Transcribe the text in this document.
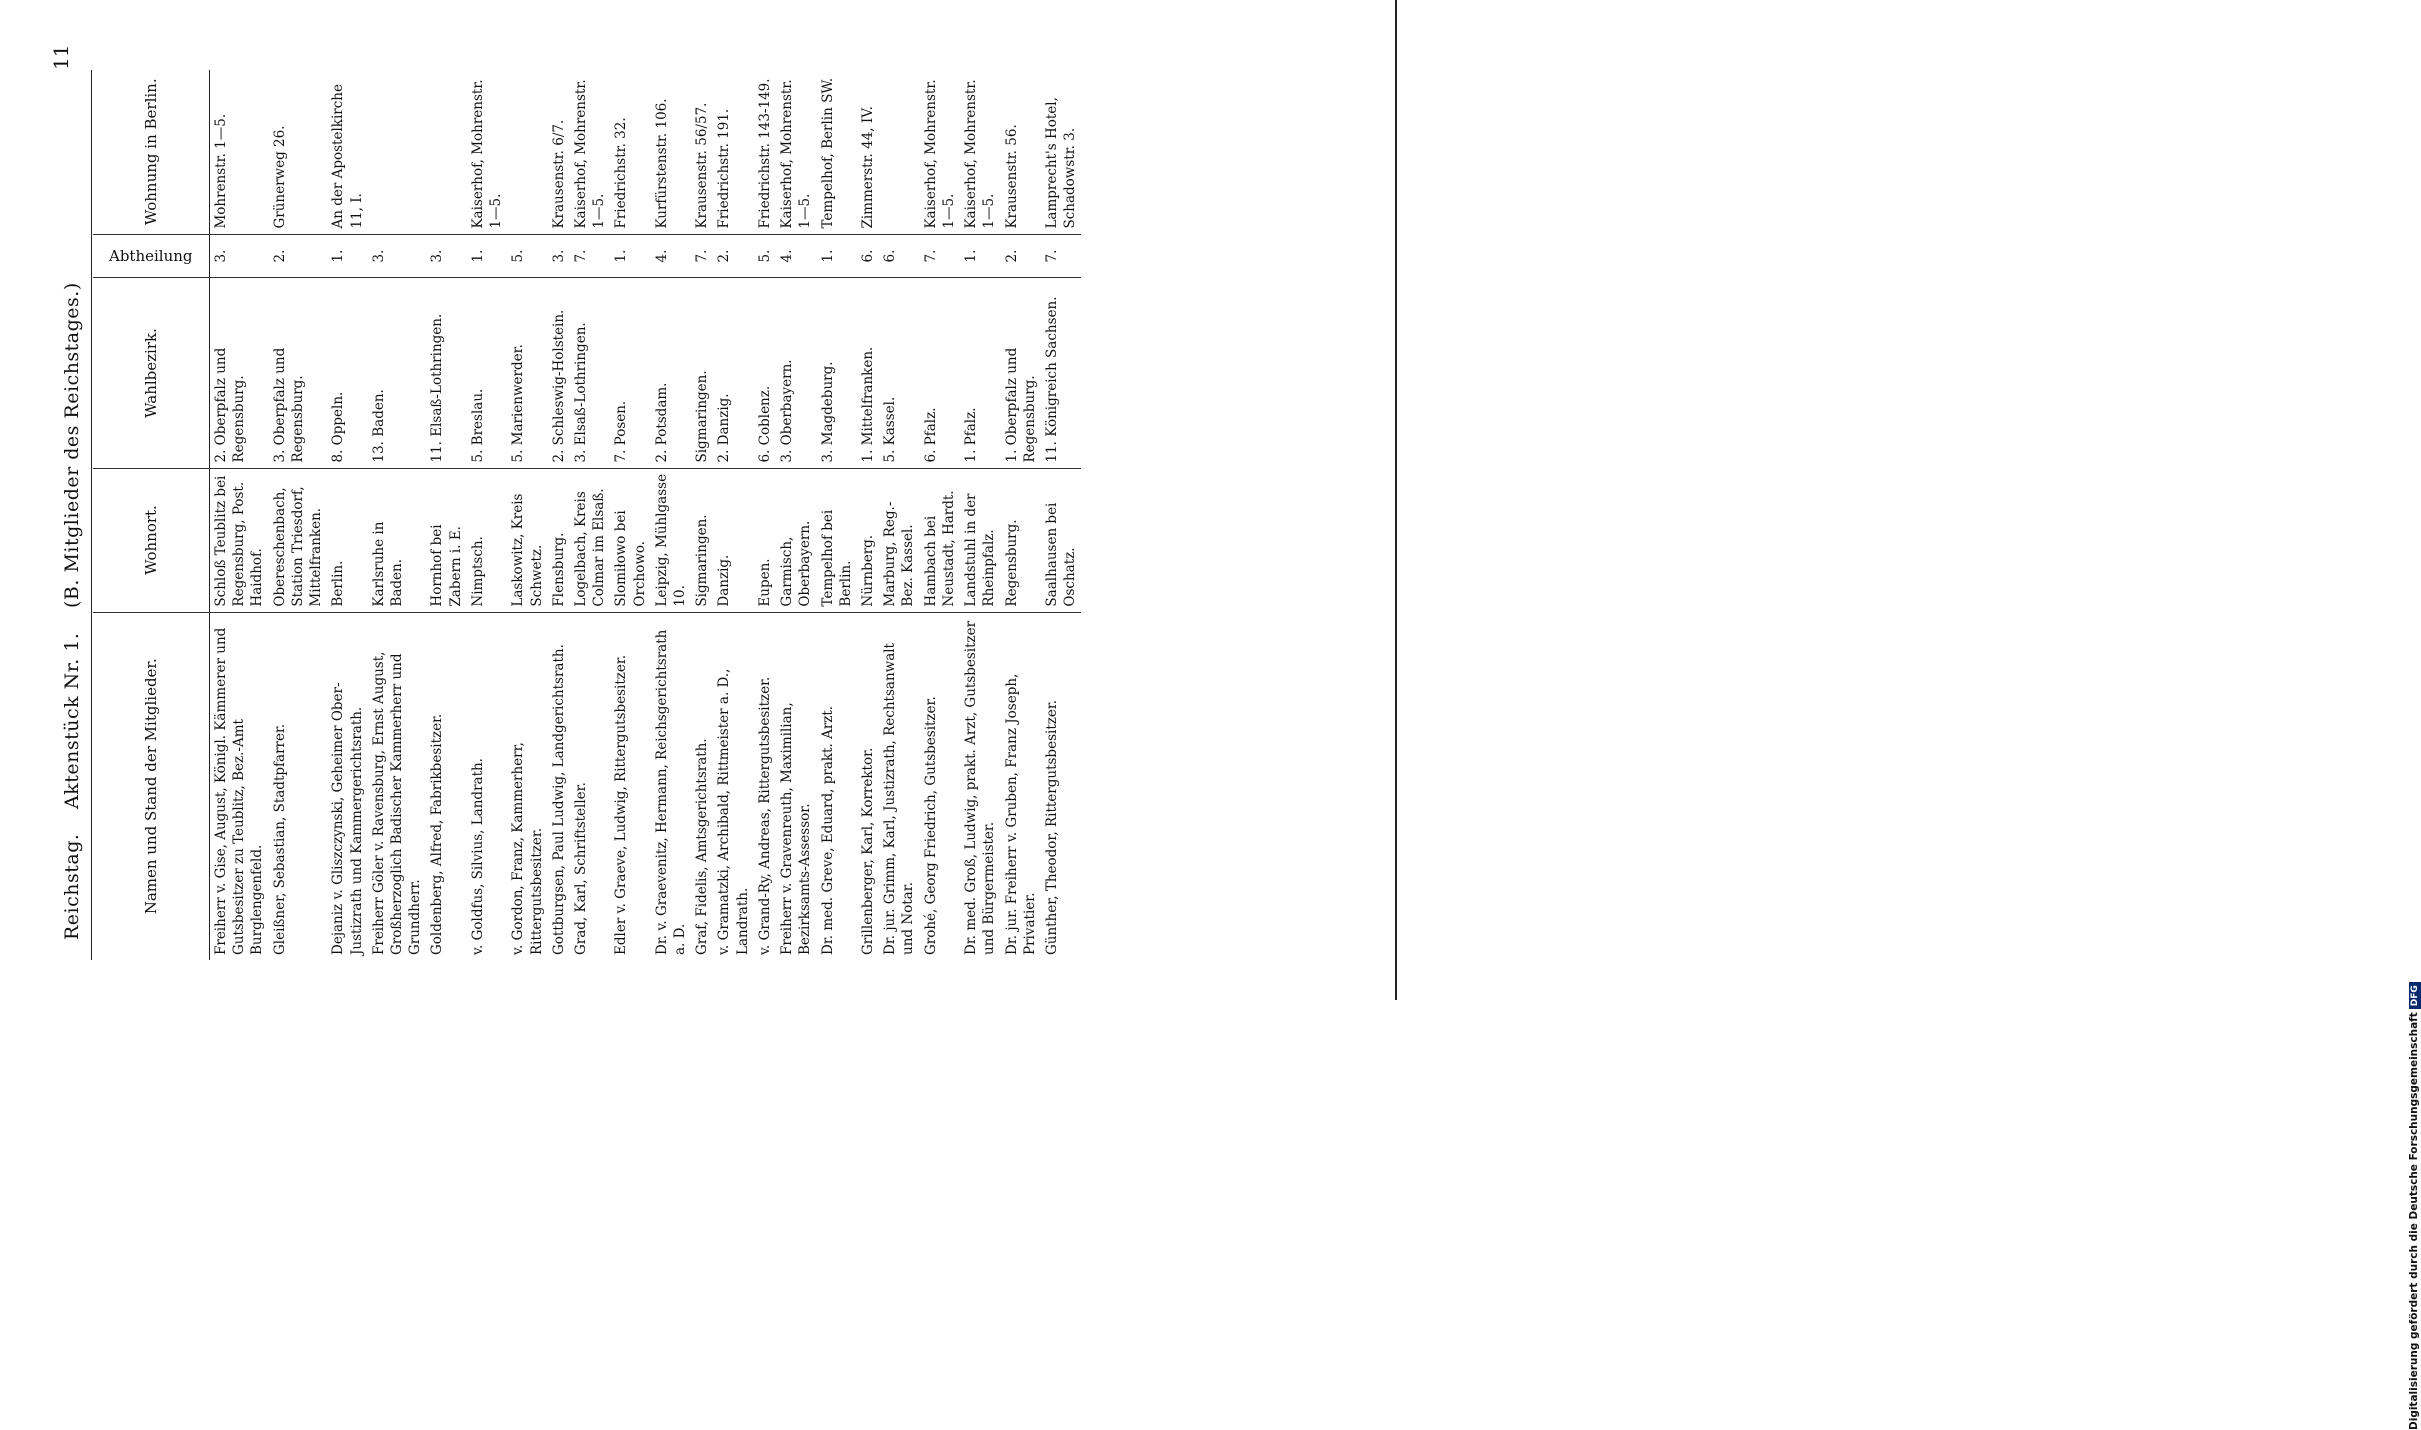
11
Reichstag. Aktenstück Nr. 1. (B. Mitglieder des Reichstages.)
Namen und Stand der Mitglieder.	Wohnort.	Wahlbezirk.	Abtheilung	Wohnung in Berlin.
Freiherr v. Gise, August, Königl. Kämmerer und Gutsbesitzer zu Teublitz, Bez.-Amt Burglengenfeld.	Schloß Teublitz bei Regensburg, Post. Haidhof.	2. Oberpfalz und Regensburg.	3.	Mohrenstr. 1—5.
Gleißner, Sebastian, Stadtpfarrer.	Obereschenbach, Station Triesdorf, Mittelfranken.	3. Oberpfalz und Regensburg.	2.	Grünerweg 26.
Dejaniz v. Gliszczynski, Geheimer Ober-Justizrath und Kammergerichtsrath.	Berlin.	8. Oppeln.	1.	An der Apostelkirche 11, I.
Freiherr Göler v. Ravensburg, Ernst August, Großherzoglich Badischer Kammerherr und Grundherr.	Karlsruhe in Baden.	13. Baden.	3.	
Goldenberg, Alfred, Fabrikbesitzer.	Hornhof bei Zabern i. E.	11. Elsaß-Lothringen.	3.	
v. Goldfus, Silvius, Landrath.	Nimptsch.	5. Breslau.	1.	Kaiserhof, Mohrenstr. 1—5.
v. Gordon, Franz, Kammerherr, Rittergutsbesitzer.	Laskowitz, Kreis Schwetz.	5. Marienwerder.	5.	
Gottburgsen, Paul Ludwig, Landgerichtsrath.	Flensburg.	2. Schleswig-Holstein.	3.	Krausenstr. 6/7.
Grad, Karl, Schriftsteller.	Logelbach, Kreis Colmar im Elsaß.	3. Elsaß-Lothringen.	7.	Kaiserhof, Mohrenstr. 1—5.
Edler v. Graeve, Ludwig, Rittergutsbesitzer.	Slomiłowo bei Orchowo.	7. Posen.	1.	Friedrichstr. 32.
Dr. v. Graevenitz, Hermann, Reichsgerichtsrath a. D.	Leipzig, Mühlgasse 10.	2. Potsdam.	4.	Kurfürstenstr. 106.
Graf, Fidelis, Amtsgerichtsrath.	Sigmaringen.	Sigmaringen.	7.	Krausenstr. 56/57.
v. Gramatzki, Archibald, Rittmeister a. D., Landrath.	Danzig.	2. Danzig.	2.	Friedrichstr. 191.
v. Grand-Ry, Andreas, Rittergutsbesitzer.	Eupen.	6. Coblenz.	5.	Friedrichstr. 143-149.
Freiherr v. Gravenreuth, Maximilian, Bezirksamts-Assessor.	Garmisch, Oberbayern.	3. Oberbayern.	4.	Kaiserhof, Mohrenstr. 1—5.
Dr. med. Greve, Eduard, prakt. Arzt.	Tempelhof bei Berlin.	3. Magdeburg.	1.	Tempelhof, Berlin SW.
Grillenberger, Karl, Korrektor.	Nürnberg.	1. Mittelfranken.	6.	Zimmerstr. 44, IV.
Dr. jur. Grimm, Karl, Justizrath, Rechtsanwalt und Notar.	Marburg, Reg.-Bez. Kassel.	5. Kassel.	6.	
Grohé, Georg Friedrich, Gutsbesitzer.	Hambach bei Neustadt, Hardt.	6. Pfalz.	7.	Kaiserhof, Mohrenstr. 1—5.
Dr. med. Groß, Ludwig, prakt. Arzt, Gutsbesitzer und Bürgermeister.	Landstuhl in der Rheinpfalz.	1. Pfalz.	1.	Kaiserhof, Mohrenstr. 1—5.
Dr. jur. Freiherr v. Gruben, Franz Joseph, Privatier.	Regensburg.	1. Oberpfalz und Regensburg.	2.	Krausenstr. 56.
Günther, Theodor, Rittergutsbesitzer.	Saalhausen bei Oschatz.	11. Königreich Sachsen.	7.	Lamprecht's Hotel, Schadowstr. 3.
Digitalisierung gefördert durch die Deutsche ForschungsgemeinschaftDFG
